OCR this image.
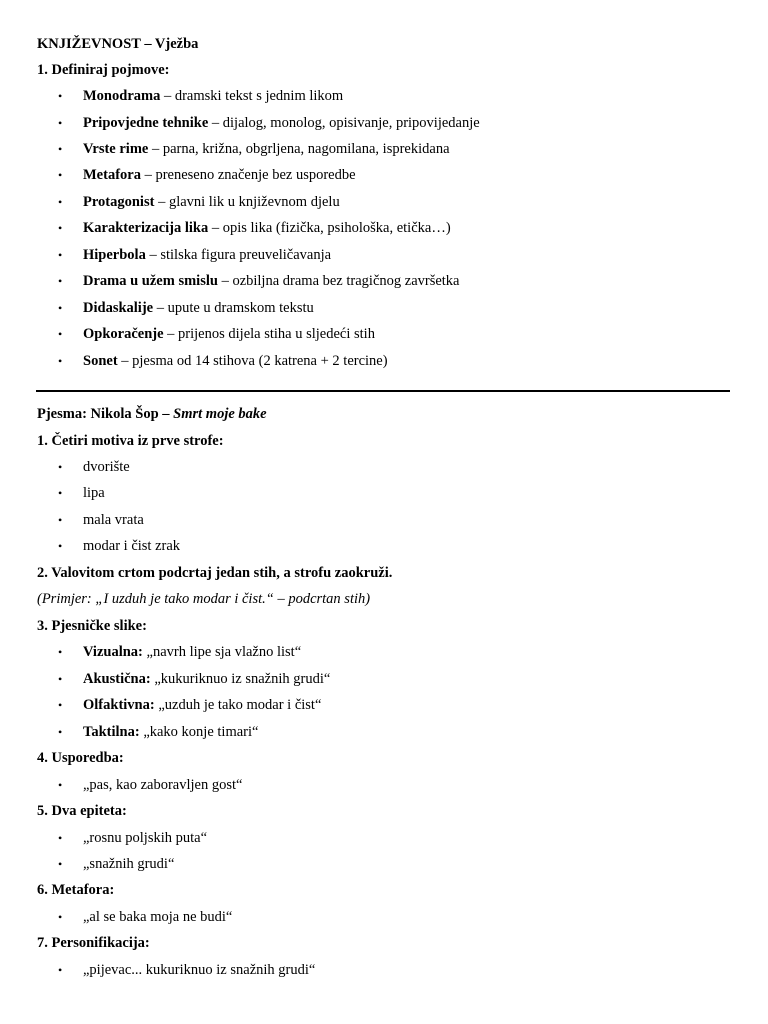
KNJIŽEVNOST – Vježba
1. Definiraj pojmove:
•	Monodrama – dramski tekst s jednim likom
•	Pripovjedne tehnike – dijalog, monolog, opisivanje, pripovijedanje
•	Vrste rime – parna, križna, obgrljena, nagomilana, isprekidana
•	Metafora – preneseno značenje bez usporedbe
•	Protagonist – glavni lik u književnom djelu
•	Karakterizacija lika – opis lika (fizička, psihološka, etička…)
•	Hiperbola – stilska figura preuveličavanja
•	Drama u užem smislu – ozbiljna drama bez tragičnog završetka
•	Didaskalije – upute u dramskom tekstu
•	Opkoračenje – prijenos dijela stiha u sljedeći stih
•	Sonet – pjesma od 14 stihova (2 katrena + 2 tercine)
Pjesma: Nikola Šop – Smrt moje bake
1. Četiri motiva iz prve strofe:
•	dvorište
•	lipa
•	mala vrata
•	modar i čist zrak
2. Valovitom crtom podcrtaj jedan stih, a strofu zaokruži.
(Primjer: „I uzduh je tako modar i čist.“ – podcrtan stih)
3. Pjesničke slike:
•	Vizualna: „navrh lipe sja vlažno list“
•	Akustična: „kukuriknuo iz snažnih grudi“
•	Olfaktivna: „uzduh je tako modar i čist“
•	Taktilna: „kako konje timari“
4. Usporedba:
•	„pas, kao zaboravljen gost“
5. Dva epiteta:
•	„rosnu poljskih puta“
•	„snažnih grudi“
6. Metafora:
•	„al se baka moja ne budi“
7. Personifikacija:
•	„pijevac... kukuriknuo iz snažnih grudi“
